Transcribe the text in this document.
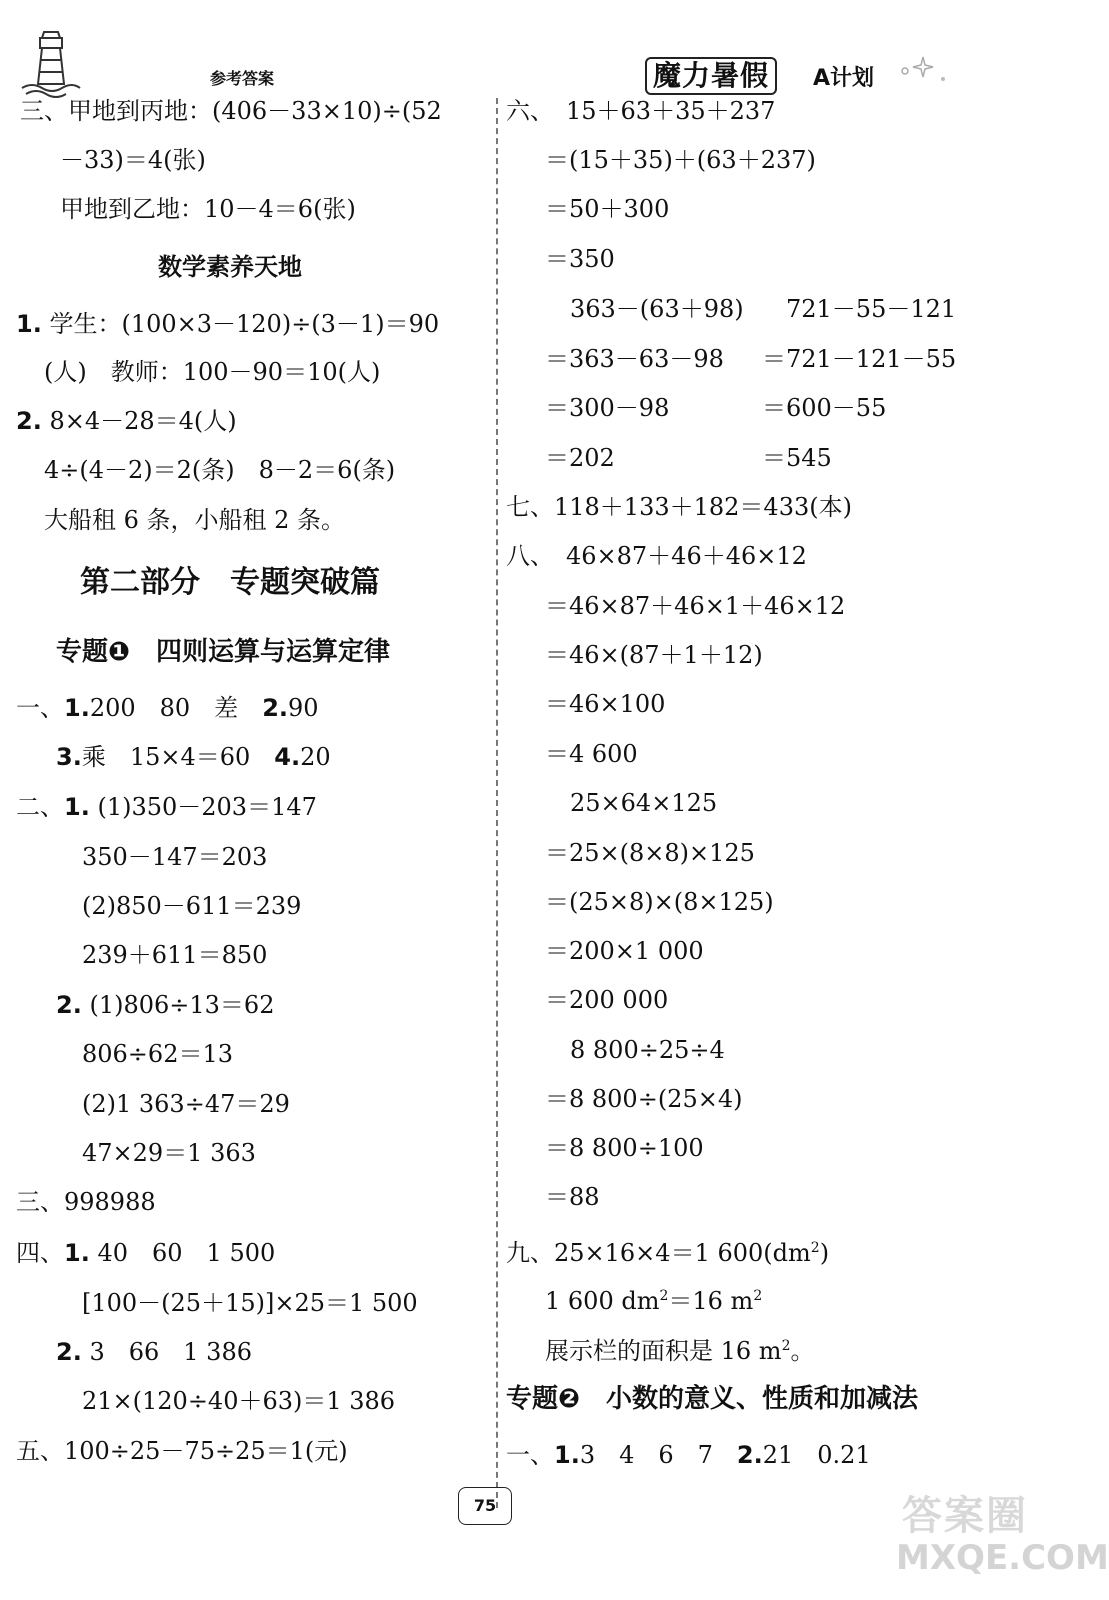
参考答案	魔力暑假	A计划
三、甲地到丙地：(406－33×10)÷(52
－33)＝4(张)
甲地到乙地：10－4＝6(张)
数学素养天地
1. 学生：(100×3－120)÷(3－1)＝90
(人)　教师：100－90＝10(人)
2. 8×4－28＝4(人)
4÷(4－2)＝2(条)　8－2＝6(条)
大船租 6 条，小船租 2 条。
第二部分　专题突破篇
专题❶　四则运算与运算定律
一、1.200　80　差　2.90
3.乘　15×4＝60　4.20
二、1. (1)350－203＝147
350－147＝203
(2)850－611＝239
239＋611＝850
2. (1)806÷13＝62
806÷62＝13
(2)1 363÷47＝29
47×29＝1 363
三、998988
四、1. 40　60　1 500
[100－(25＋15)]×25＝1 500
2. 3　66　1 386
21×(120÷40＋63)＝1 386
五、100÷25－75÷25＝1(元)
六、　15＋63＋35＋237
＝(15＋35)＋(63＋237)
＝50＋300
＝350
363－(63＋98) 721－55－121
＝363－63－98 ＝721－121－55
＝300－98	＝600－55
＝202	＝545
七、118＋133＋182＝433(本)
八、　46×87＋46＋46×12
＝46×87＋46×1＋46×12
＝46×(87＋1＋12)
＝46×100
＝4 600
25×64×125
＝25×(8×8)×125
＝(25×8)×(8×125)
＝200×1 000
＝200 000
8 800÷25÷4
＝8 800÷(25×4)
＝8 800÷100
＝88
九、25×16×4＝1 $600(dm^2)$
1 600 $dm^2=16$ $m^2$
展示栏的面积是 16 $m^2$。
专题❷　小数的意义、性质和加减法
一、1.3　4　6　7　2.21　0.21
75	答案圈
MXQE.COM
